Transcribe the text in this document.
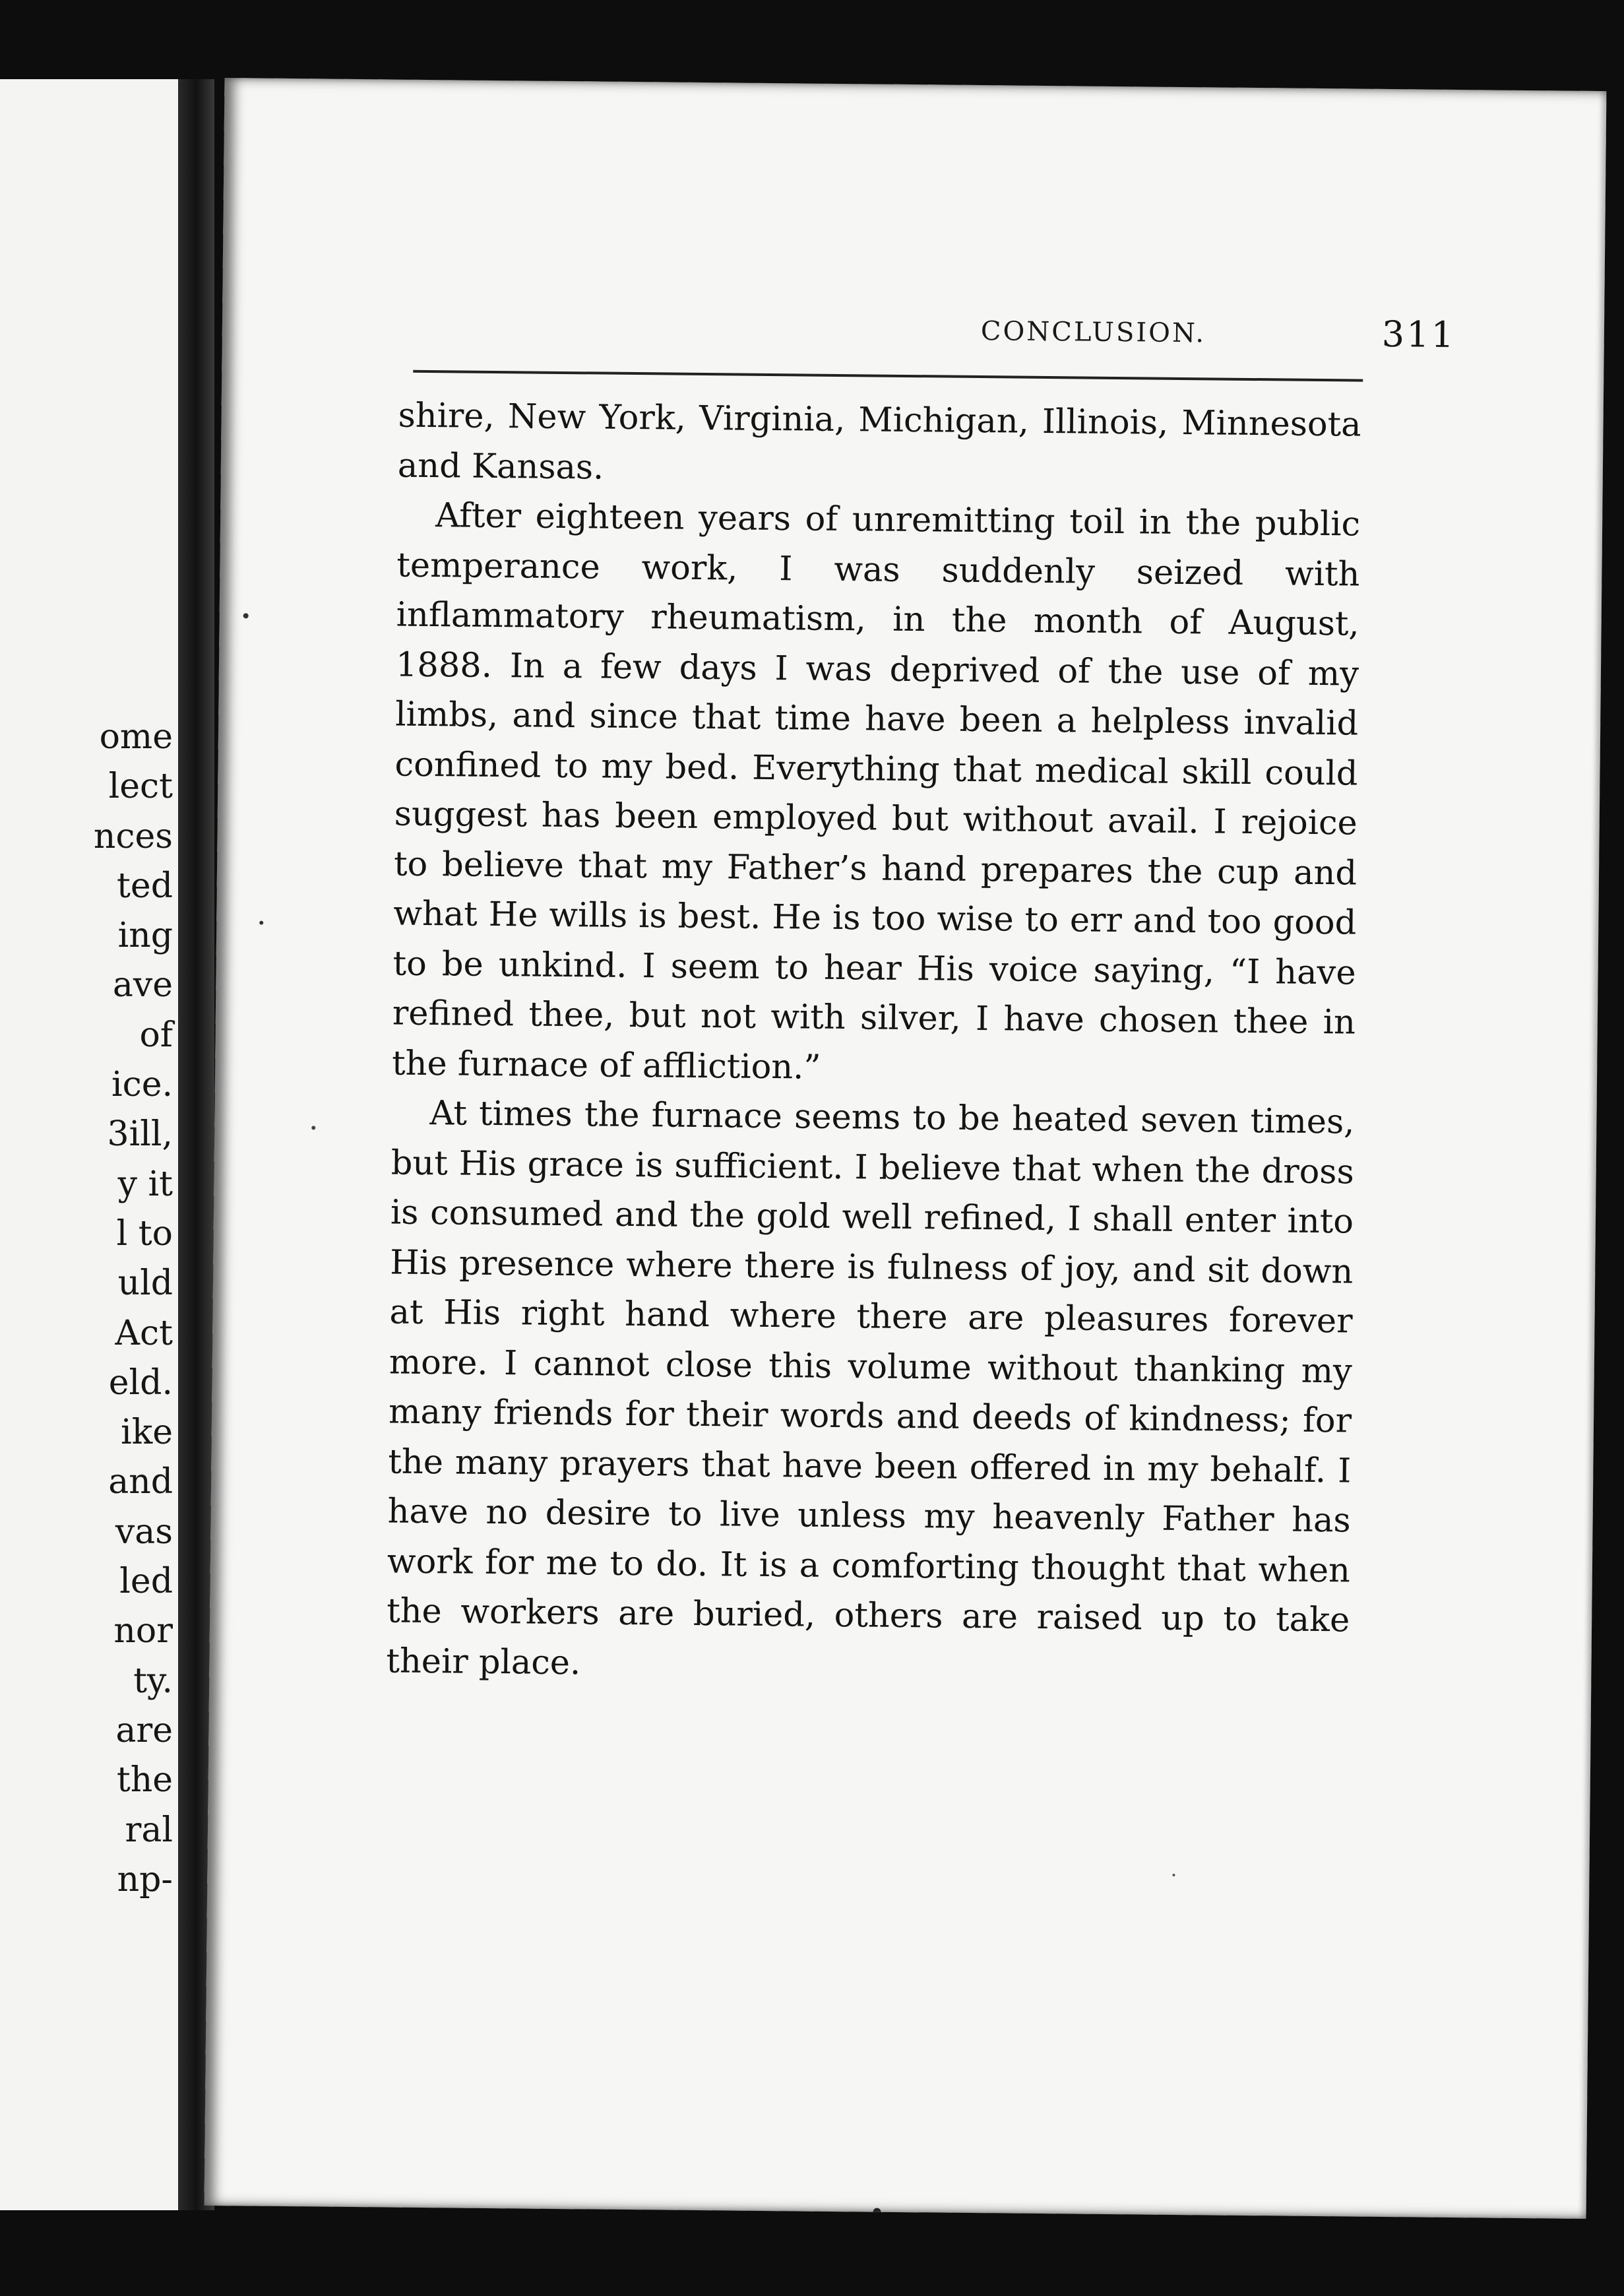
ome
lect
nces
ted
ing
ave
of
ice.
3ill,
y it
l to
uld
Act
eld.
ike
and
vas
led
nor
ty.
are
the
ral
np-
CONCLUSION.	311

shire, New York, Virginia, Michigan, Illinois, Minnesota and Kansas.

After eighteen years of unremitting toil in the public temperance work, I was suddenly seized with inflammatory rheumatism, in the month of August, 1888. In a few days I was deprived of the use of my limbs, and since that time have been a helpless invalid confined to my bed. Everything that medical skill could suggest has been employed but without avail. I rejoice to believe that my Father’s hand prepares the cup and what He wills is best. He is too wise to err and too good to be unkind. I seem to hear His voice saying, “I have refined thee, but not with silver, I have chosen thee in the furnace of affliction.”

At times the furnace seems to be heated seven times, but His grace is sufficient. I believe that when the dross is consumed and the gold well refined, I shall enter into His presence where there is fulness of joy, and sit down at His right hand where there are pleasures forever more. I cannot close this volume without thanking my many friends for their words and deeds of kindness; for the many prayers that have been offered in my behalf. I have no desire to live unless my heavenly Father has work for me to do. It is a comforting thought that when the workers are buried, others are raised up to take their place.
